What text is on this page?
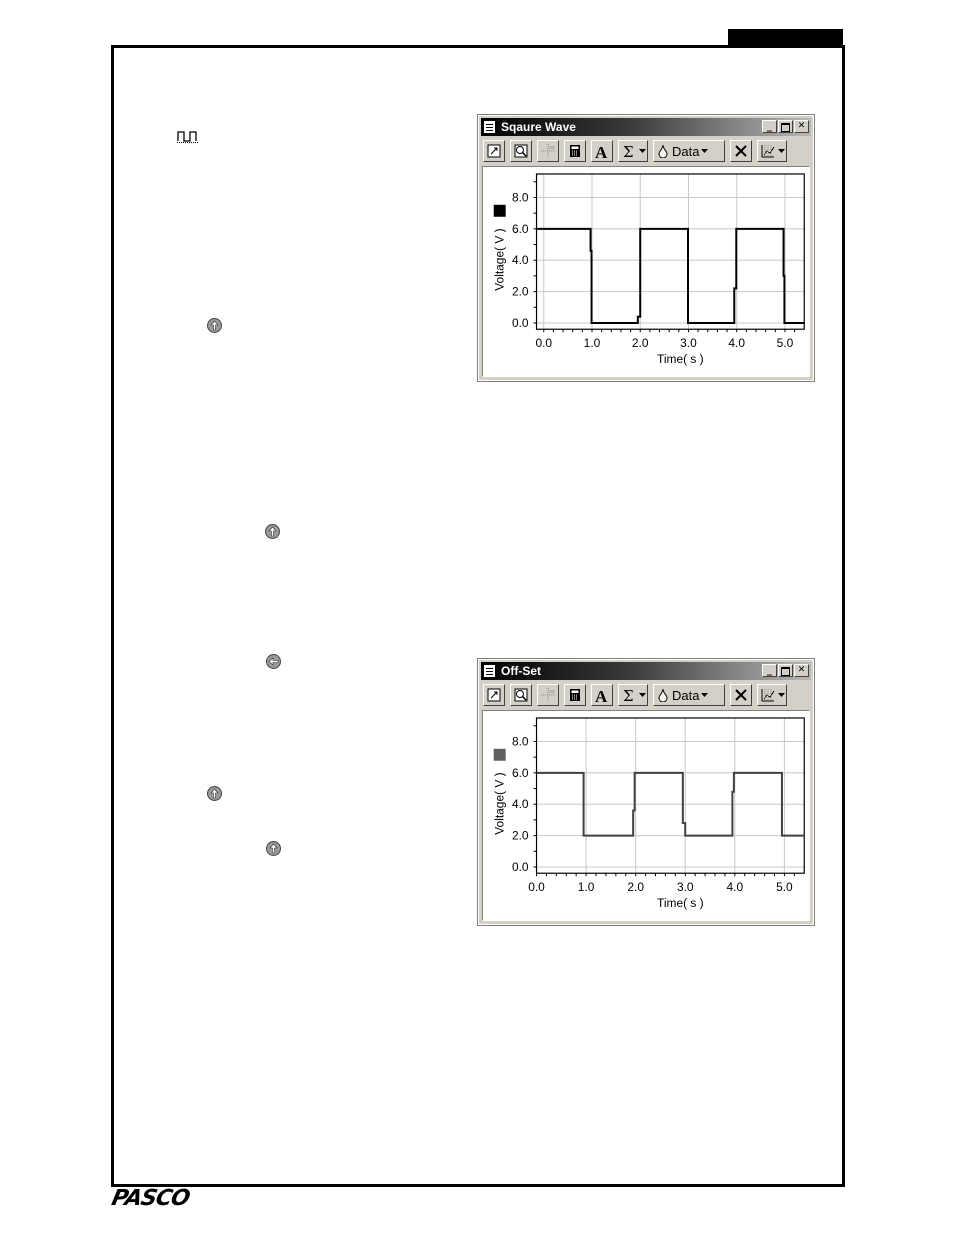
Sqaure Wave	_	✕
xy A Σ	Data
0.0	1.0	2.0	3.0	4.0	5.0
0.0
2.0
4.0
6.0
8.0
Time( s )
Voltage( V )
Off-Set	_	✕
xy A Σ	Data
0.0	1.0	2.0	3.0	4.0	5.0
0.0
2.0
4.0
6.0
8.0
Time( s )
Voltage( V )
PASCO
